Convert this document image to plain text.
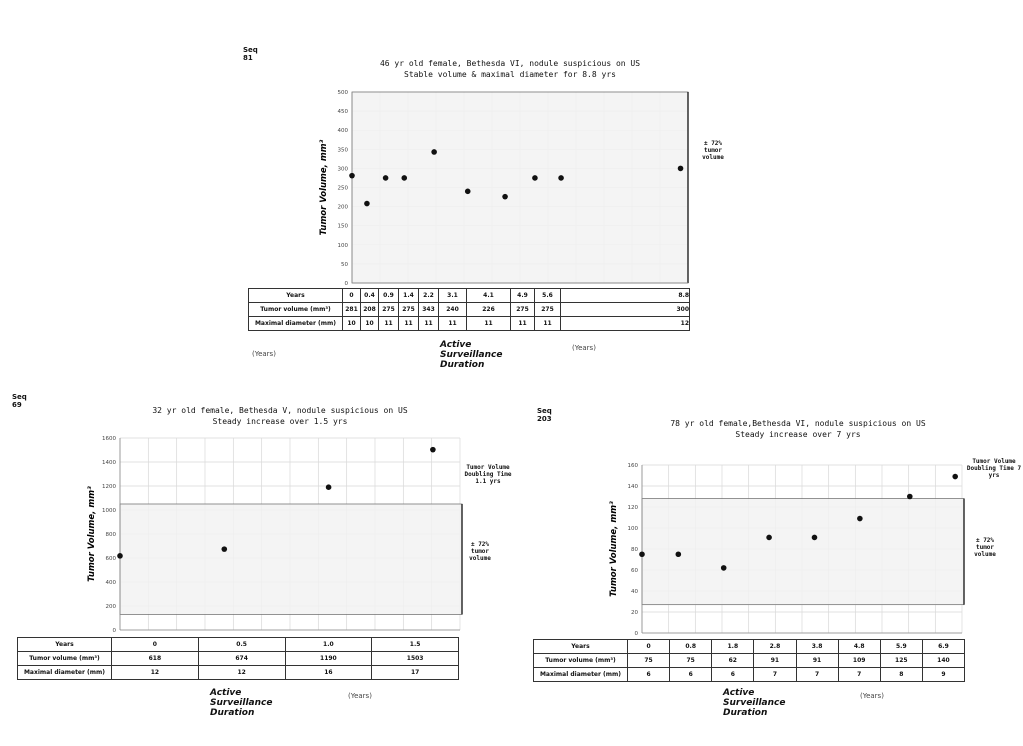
Seq 81
46 yr old female, Bethesda VI, nodule suspicious on US
Stable volume & maximal diameter for 8.8 yrs
0
50
100
150
200
250
300
350
400
450
500
Tumor Volume, mm³
0
200
400
600
800
1000
1200
1400
1600
Tumor Volume, mm³
0
20
40
60
80
100
120
140
160
Tumor Volume, mm³
± 72% tumor volume
Years	0	0.4	0.9	1.4	2.2	3.1	4.1	4.9	5.6	8.8
Tumor volume (mm³)	281	208	275	275	343	240	226	275	275	300
Maximal diameter (mm)	10	10	11	11	11	11	11	11	11	12
Active Surveillance Duration
(Years)
(Years)
Seq 69
32 yr old female, Bethesda V, nodule suspicious on US
Steady increase over 1.5 yrs
Tumor Volume Doubling Time 1.1 yrs
± 72% tumor volume
Years	0	0.5	1.0	1.5
Tumor volume (mm³)	618	674	1190	1503
Maximal diameter (mm)	12	12	16	17
Active Surveillance Duration
(Years)
Seq 203	78 yr old female,Bethesda VI, nodule suspicious on US
Steady increase over 7 yrs
Tumor Volume Doubling Time 7 yrs
± 72% tumor volume
Years	0	0.8	1.8	2.8	3.8	4.8	5.9	6.9
Tumor volume (mm³)	75	75	62	91	91	109	125	140
Maximal diameter (mm)	6	6	6	7	7	7	8	9
Active Surveillance Duration
(Years)
